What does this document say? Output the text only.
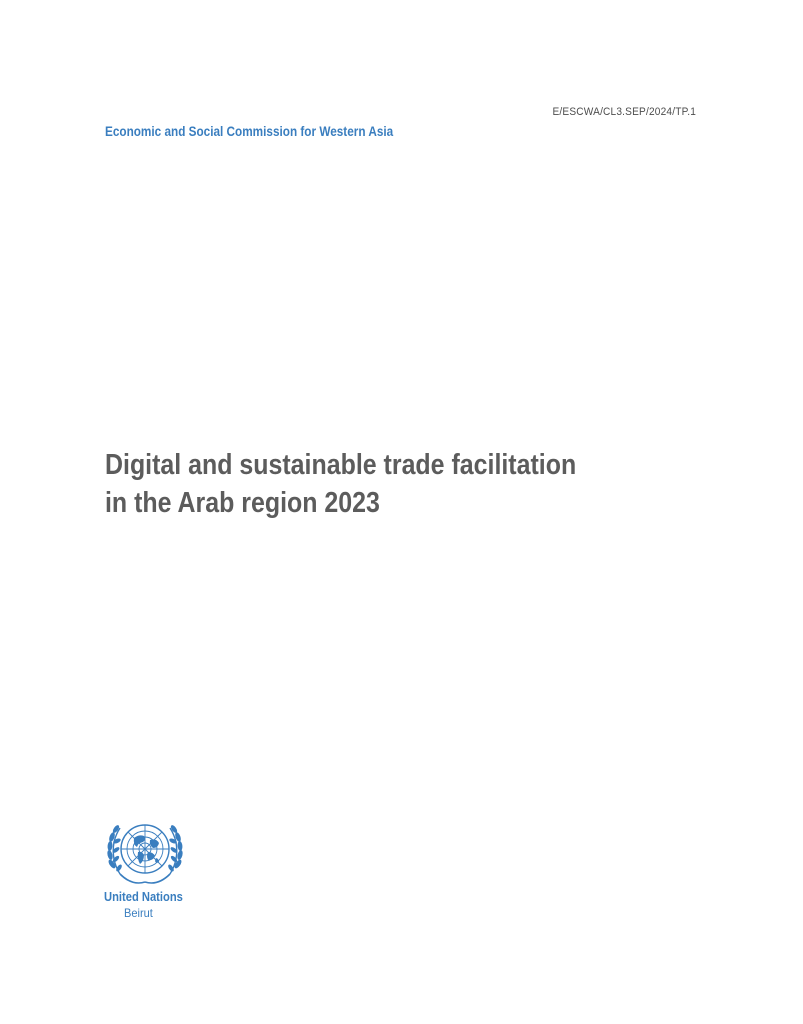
E/ESCWA/CL3.SEP/2024/TP.1
Economic and Social Commission for Western Asia
Digital and sustainable trade facilitation
in the Arab region 2023
United Nations
Beirut
